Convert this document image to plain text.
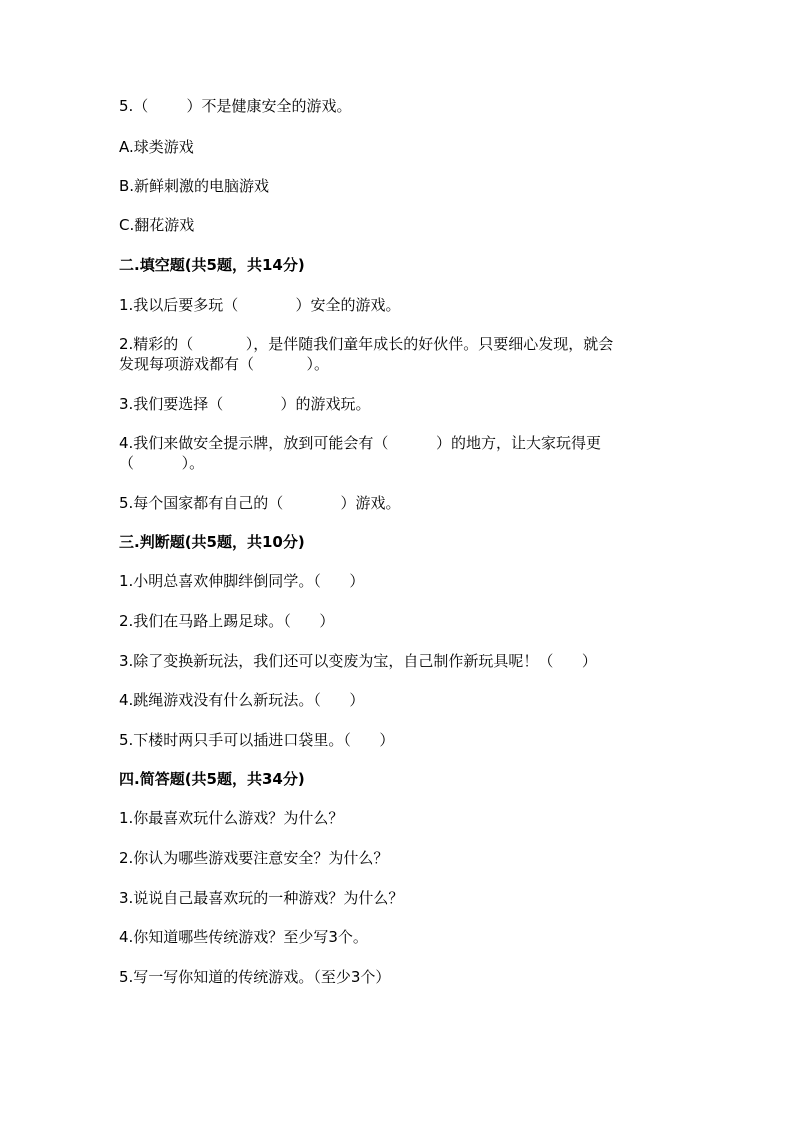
5.（        ）不是健康安全的游戏。
A.球类游戏
B.新鲜刺激的电脑游戏
C.翻花游戏
二.填空题(共5题，共14分)
1.我以后要多玩（            ）安全的游戏。
2.精彩的（           ），是伴随我们童年成长的好伙伴。只要细心发现，就会
发现每项游戏都有（           ）。
3.我们要选择（            ）的游戏玩。
4.我们来做安全提示牌，放到可能会有（          ）的地方，让大家玩得更
（          ）。
5.每个国家都有自己的（            ）游戏。
三.判断题(共5题，共10分)
1.小明总喜欢伸脚绊倒同学。（      ）
2.我们在马路上踢足球。（      ）
3.除了变换新玩法，我们还可以变废为宝，自己制作新玩具呢！（      ）
4.跳绳游戏没有什么新玩法。（      ）
5.下楼时两只手可以插进口袋里。（      ）
四.简答题(共5题，共34分)
1.你最喜欢玩什么游戏？为什么？
2.你认为哪些游戏要注意安全？为什么？
3.说说自己最喜欢玩的一种游戏？为什么？
4.你知道哪些传统游戏？至少写3个。
5.写一写你知道的传统游戏。（至少3个）
